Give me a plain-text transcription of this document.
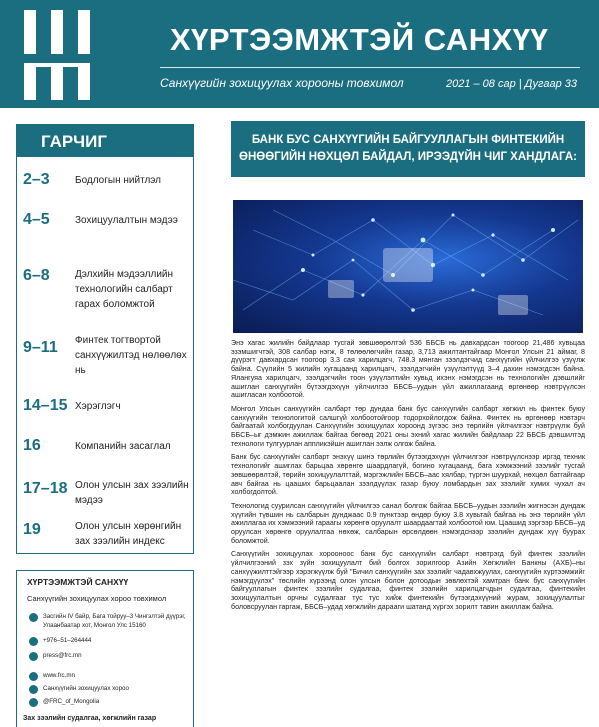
ХҮРТЭЭМЖТЭЙ САНХҮҮ
Санхүүгийн зохицуулах хорооны товхимол	2021 – 08 сар | Дугаар 33
ГАРЧИГ
2–3	Бодлогын нийтлэл
4–5	Зохицуулалтын мэдээ
6–8	Дэлхийн мэдээллийн технологийн салбарт гарах боломжтой
9–11 Финтек тогтвортой санхүүжилтэд нөлөөлөх нь
14–15 Хэрэглэгч
16	Компанийн засаглал
17–18 Олон улсын зах зээлийн мэдээ
19	Олон улсын хөрөнгийн зах зээлийн индекс
ХҮРТЭЭМЖТЭЙ САНХҮҮ
Санхүүгийн зохицуулах хороо товхимол
Засгийн IV байр, Бага тойруу–3 Чингэлтэй дүүрэг, Улаанбаатар хот, Монгол Улс 15160
+976–51–264444
press@frc.mn
www.frc.mn
Санхүүгийн зохицуулах хороо
@FRC_of_Mongolia
Зах зээлийн судалгаа, хөгжлийн газар
БАНК БУС САНХҮҮГИЙН БАЙГУУЛЛАГЫН ФИНТЕКИЙН ӨНӨӨГИЙН НӨХЦӨЛ БАЙДАЛ, ИРЭЭДҮЙН ЧИГ ХАНДЛАГА:

Энэ хагас жилийн байдлаар тусгай зөвшөөрөлтэй 536 ББСБ нь давхардсан тоогоор 21,486 хувьцаа эзэмшигчтэй, 308 салбар нэгж, 8 төлөөлөгчийн газар, 3,713 ажилтантайгаар Монгол Улсын 21 аймаг, 8 дүүрэгт давхардсан тоогоор 3.3 сая харилцагч, 748.3 мянган зээлдэгчид санхүүгийн үйлчилгээ үзүүлж байна. Сүүлийн 5 жилийн хугацаанд харилцагч, зээлдэгчийн үзүүлэлтүүд 3–4 дахин нэмэгдсэн байна. Ялангуяа харилцагч, зээлдэгчийн тоон үзүүлэлтийн хувьд ихэнх нэмэгдсэн нь технологийн дэвшлийг ашиглан санхүүгийн бүтээгдэхүүн үйлчилгээ ББСБ–уудын үйл ажиллагаанд өргөнөөр нэвтрүүлсэн ашигласан холбоотой.

Монгол Улсын санхүүгийн салбарт төр дундаа банк бус санхүүгийн салбарт хөгжил нь финтек буюу санхүүгийн технологитой салшгүй холбоотойгоор тодорхойлогдож байна. Финтек нь өргөнөөр нэвтэрч байгаатай холбогдуулан Санхүүгийн зохицуулах хороонд зүгээс энэ төрлийн үйлчилгээг нэвтрүүлж буй ББСБ–ыг дэмжин ажиллаж байгаа бөгөөд 2021 оны эхний хагас жилийн байдлаар 22 ББСБ дэвшилтэд технологи тулгуурлан аппликэйшн ашиглан ээлж олгож байна.

Банк бус санхүүгийн салбарт энэхүү шинэ төрлийн бүтээгдэхүүн үйлчилгээг нэвтрүүлснээр иргэд техник технологийг ашиглах барьцаа хөрөнгө шаардлагүй, богино хугацаанд, бага хэмжээний зээлийг тусгай зөвшөөрөлтэй, төрийн зохицуулалттай, мэргэжлийн ББСБ–аас хялбар, түргэн шуурхай, нөхцөл батгайгаар авч байгаа нь цааших барьцаалан зээлдүүлэх газар буюу ломбардын зах зээлийг хумих чухал ач холбогдолтой.

Технологид суурилсан санхүүгийн үйлчилгээ санал болгож байгаа ББСБ–уудын зээлийн жигнэсэн дундаж хүүгийн түвшин нь салбарын дунджаас 0.9 пунктээр өндөр буюу 3.8 хувьтай байгаа нь энэ төрлийн үйл ажиллагаа их хэмжээний гараагы хөрөнгө оруулалт шаардаагтай холбоотой юм. Цаашид зэргээр ББСБ–уд оруулсан хөрөнгө оруулалтаа нөхөж, салбарын өрсөлдөөн нэмэгдснээр зээлийн дундаж хүү буурах боломжтой.

Санхүүгийн зохицуулах хорооноос банк бус санхүүгийн салбарт нэвтрэгд буй финтек зээлийн үйлчилгээний зэх зүйн зохицуулалт бий болгох зорилгоор Азийн Хөгжлийн Банкны (АХБ)–ны санхүүжилттэйгээр хэрэгжүүлж буй "Бичил санхүүгийн зах зээлийг чадавхжуулах, санхүүгийн хүртээмжийг нэмэгдүүлэх" төслийн хүрээнд олон улсын болон дотоодын зөвлөхтэй хамтран банк бус санхүүгийн байгууллагын финтек зээлийн судалгаа, финтек зээлийн харилцагчдын судалгаа, финтекийн зохицуулалтын орчны судалгааг тус тус хийж финтекийн бүтээгдэхүүний журам, зохицуулалтыг боловсруулан гаргаж, ББСБ–удад хөгжлийн дарааги шатанд хүргэх зорилт тавин ажиллаж байна.
